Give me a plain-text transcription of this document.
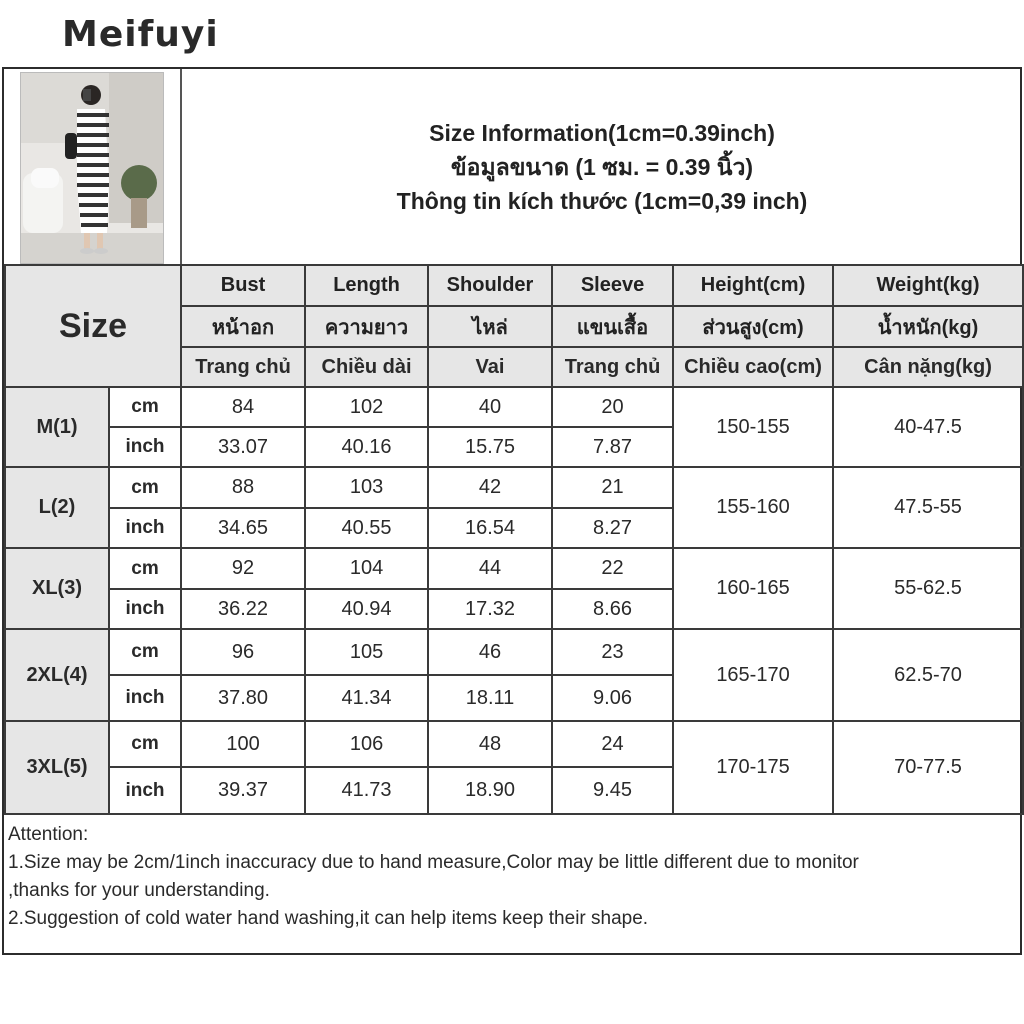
Meifuyi
Size Information(1cm=0.39inch)
ข้อมูลขนาด (1 ซม. = 0.39 นิ้ว)
Thông tin kích thước (1cm=0,39 inch)
Size		Bust	Length	Shoulder	Sleeve	Height(cm)	Weight(kg)
		หน้าอก	ความยาว	ไหล่	แขนเสื้อ	ส่วนสูง(cm)	น้ำหนัก(kg)
		Trang chủ	Chiều dài	Vai	Trang chủ	Chiều cao(cm)	Cân nặng(kg)
M(1)	cm	84	102	40	20	150-155	40-47.5
	inch	33.07	40.16	15.75	7.87		
L(2)	cm	88	103	42	21	155-160	47.5-55
	inch	34.65	40.55	16.54	8.27		
XL(3)	cm	92	104	44	22	160-165	55-62.5
	inch	36.22	40.94	17.32	8.66		
2XL(4)	cm	96	105	46	23	165-170	62.5-70
	inch	37.80	41.34	18.11	9.06		
3XL(5)	cm	100	106	48	24	170-175	70-77.5
	inch	39.37	41.73	18.90	9.45		
Attention:
1.Size may be 2cm/1inch inaccuracy due to hand measure,Color may be little different due to monitor
,thanks for your understanding.
2.Suggestion of cold water hand washing,it can help items keep their shape.
